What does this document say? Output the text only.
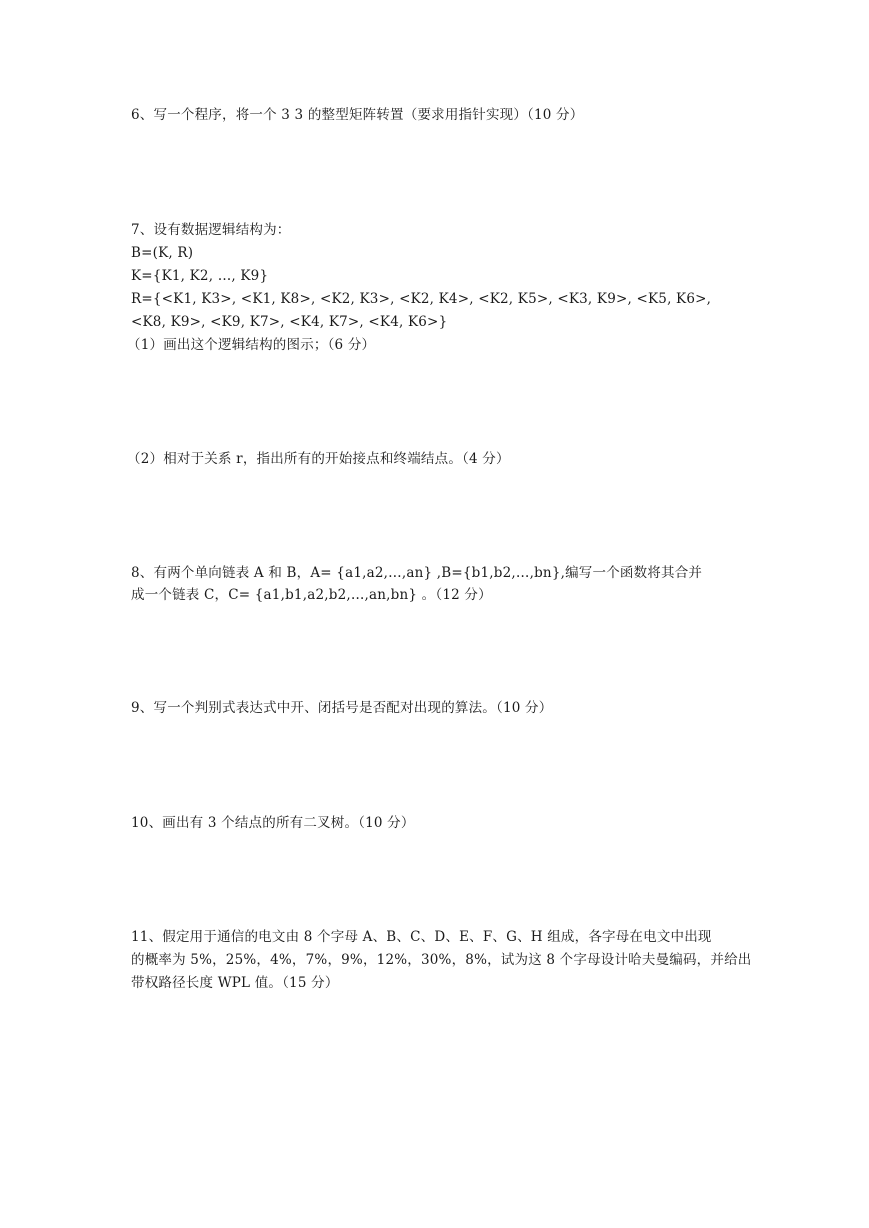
6、写一个程序，将一个 3 3 的整型矩阵转置（要求用指针实现）（10 分）
7、设有数据逻辑结构为：
B=(K, R)
K={K1, K2, …, K9}
R={<K1, K3>, <K1, K8>, <K2, K3>, <K2, K4>, <K2, K5>, <K3, K9>, <K5, K6>,
<K8, K9>, <K9, K7>, <K4, K7>, <K4, K6>}
（1）画出这个逻辑结构的图示；（6 分）
（2）相对于关系 r，指出所有的开始接点和终端结点。（4 分）
8、有两个单向链表 A 和 B，A= {a1,a2,…,an} ,B={b1,b2,…,bn},编写一个函数将其合并
成一个链表 C，C= {a1,b1,a2,b2,…,an,bn} 。（12 分）
9、写一个判别式表达式中开、闭括号是否配对出现的算法。（10 分）
10、画出有 3 个结点的所有二叉树。（10 分）
11、假定用于通信的电文由 8 个字母 A、B、C、D、E、F、G、H 组成，各字母在电文中出现
的概率为 5%，25%，4%，7%，9%，12%，30%，8%，试为这 8 个字母设计哈夫曼编码，并给出
带权路径长度 WPL 值。（15 分）
